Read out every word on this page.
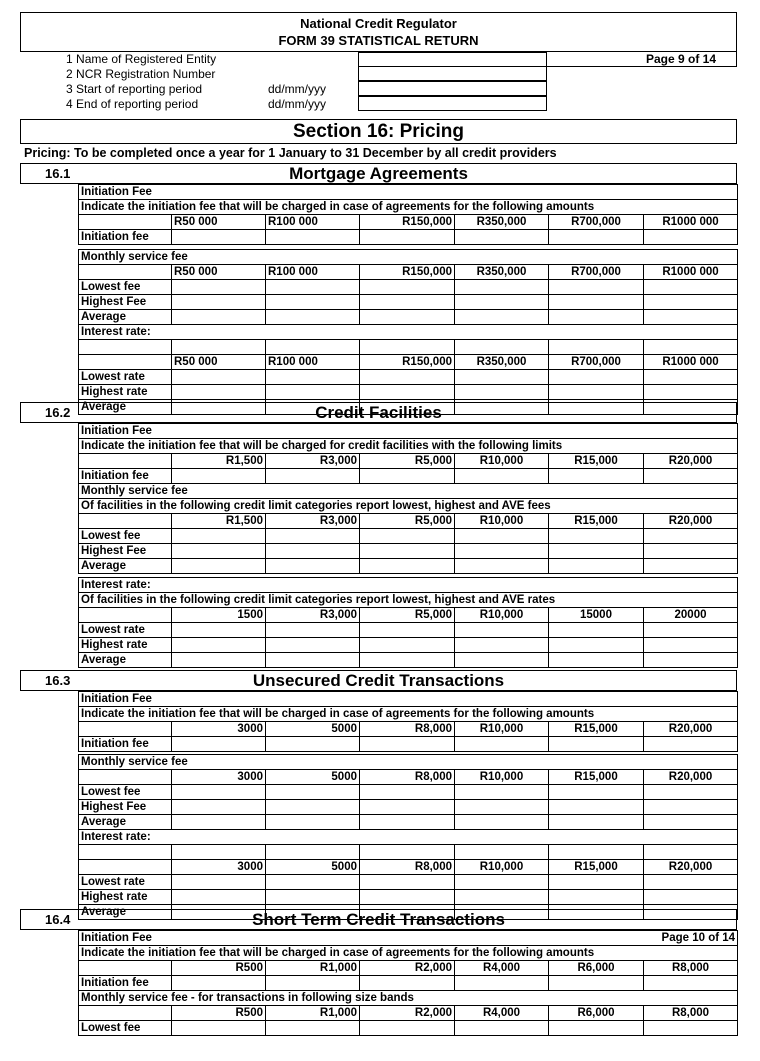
National Credit Regulator
FORM 39 STATISTICAL RETURN
1 Name of Registered Entity
2 NCR Registration Number
3 Start of reporting period
4 End of reporting period
dd/mm/yyy
dd/mm/yyy
Page 9 of 14
Section 16: Pricing
Pricing: To be completed once a year for 1 January to 31 December by all credit providers
16.1	Mortgage Agreements
Initiation Fee						
Indicate the initiation fee that will be charged in case of agreements for the following amounts						
	R50 000	R100 000	R150,000	R350,000	R700,000	R1000 000
Initiation fee						

Monthly service fee						
	R50 000	R100 000	R150,000	R350,000	R700,000	R1000 000
Lowest fee						
Highest Fee						
Average						
Interest rate:						

	R50 000	R100 000	R150,000	R350,000	R700,000	R1000 000
Lowest rate						
Highest rate						
Average						
16.2	Credit Facilities
Initiation Fee						
Indicate the initiation fee that will be charged for credit facilities with the following limits						
	R1,500	R3,000	R5,000	R10,000	R15,000	R20,000
Initiation fee						
Monthly service fee						
Of facilities in the following credit limit categories report lowest, highest and AVE fees						
	R1,500	R3,000	R5,000	R10,000	R15,000	R20,000
Lowest fee						
Highest Fee						
Average						

Interest rate:						
Of facilities in the following credit limit categories report lowest, highest and AVE rates						
	1500	R3,000	R5,000	R10,000	15000	20000
Lowest rate						
Highest rate						
Average						
16.3	Unsecured Credit Transactions
Initiation Fee						
Indicate the initiation fee that will be charged in case of agreements for the following amounts						
	3000	5000	R8,000	R10,000	R15,000	R20,000
Initiation fee						

Monthly service fee						
	3000	5000	R8,000	R10,000	R15,000	R20,000
Lowest fee						
Highest Fee						
Average						
Interest rate:						

	3000	5000	R8,000	R10,000	R15,000	R20,000
Lowest rate						
Highest rate						
Average						
16.4	Short Term Credit Transactions
Initiation Fee					Page 10 of 14	
Indicate the initiation fee that will be charged in case of agreements for the following amounts						
	R500	R1,000	R2,000	R4,000	R6,000	R8,000
Initiation fee						
Monthly service fee - for transactions in following size bands						
	R500	R1,000	R2,000	R4,000	R6,000	R8,000
Lowest fee						
